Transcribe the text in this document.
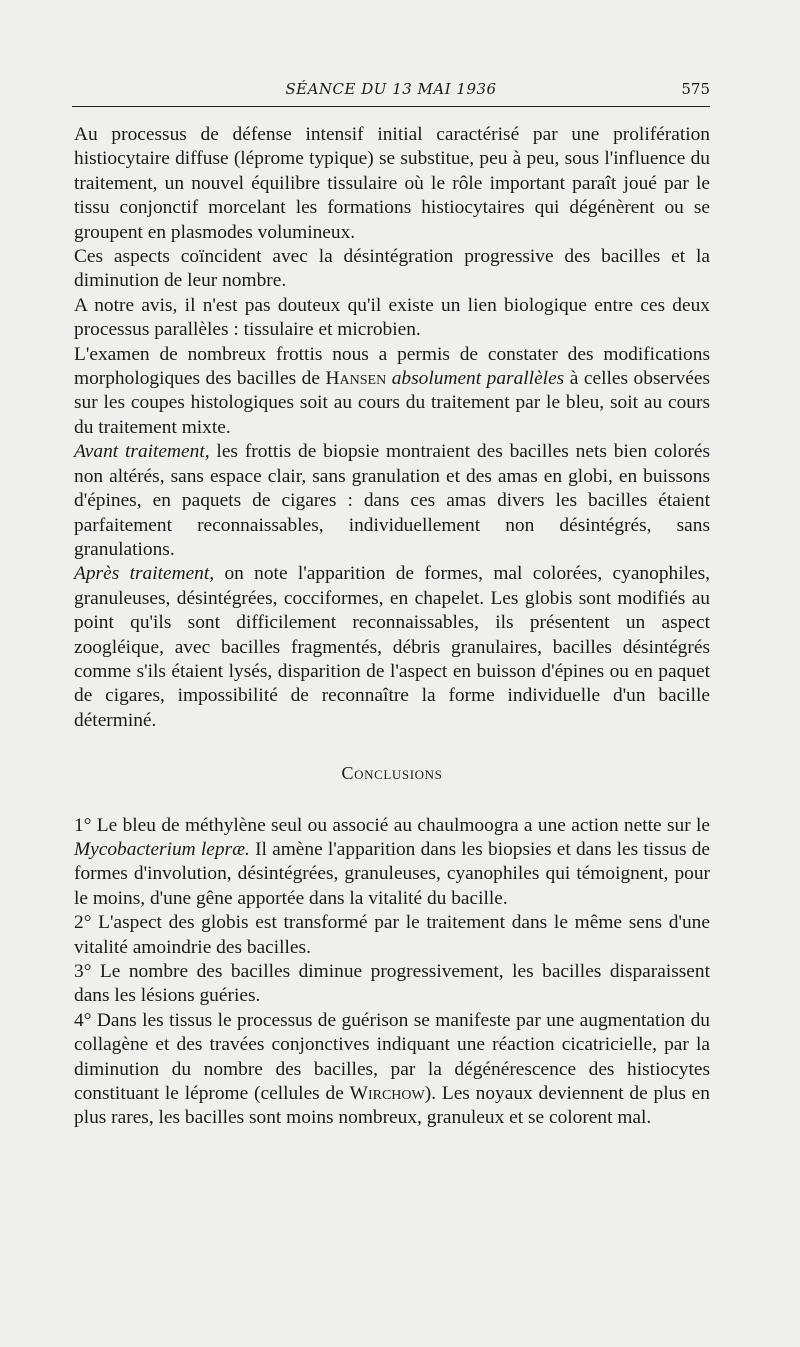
SÉANCE DU 13 MAI 1936	575

Au processus de défense intensif initial caractérisé par une prolifération histiocytaire diffuse (léprome typique) se substitue, peu à peu, sous l'influence du traitement, un nouvel équilibre tissulaire où le rôle important paraît joué par le tissu conjonctif morcelant les formations histiocytaires qui dégénèrent ou se groupent en plasmodes volumineux.

Ces aspects coïncident avec la désintégration progressive des bacilles et la diminution de leur nombre.

A notre avis, il n'est pas douteux qu'il existe un lien biologique entre ces deux processus parallèles : tissulaire et microbien.

L'examen de nombreux frottis nous a permis de constater des modifications morphologiques des bacilles de Hansen absolument parallèles à celles observées sur les coupes histologiques soit au cours du traitement par le bleu, soit au cours du traitement mixte.

Avant traitement, les frottis de biopsie montraient des bacilles nets bien colorés non altérés, sans espace clair, sans granulation et des amas en globi, en buissons d'épines, en paquets de cigares : dans ces amas divers les bacilles étaient parfaitement reconnaissables, individuellement non désintégrés, sans granulations.

Après traitement, on note l'apparition de formes, mal colorées, cyanophiles, granuleuses, désintégrées, cocciformes, en chapelet. Les globis sont modifiés au point qu'ils sont difficilement reconnaissables, ils présentent un aspect zoogléique, avec bacilles fragmentés, débris granulaires, bacilles désintégrés comme s'ils étaient lysés, disparition de l'aspect en buisson d'épines ou en paquet de cigares, impossibilité de reconnaître la forme individuelle d'un bacille déterminé.

Conclusions

1° Le bleu de méthylène seul ou associé au chaulmoogra a une action nette sur le Mycobacterium lepræ. Il amène l'apparition dans les biopsies et dans les tissus de formes d'involution, désintégrées, granuleuses, cyanophiles qui témoignent, pour le moins, d'une gêne apportée dans la vitalité du bacille.

2° L'aspect des globis est transformé par le traitement dans le même sens d'une vitalité amoindrie des bacilles.

3° Le nombre des bacilles diminue progressivement, les bacilles disparaissent dans les lésions guéries.

4° Dans les tissus le processus de guérison se manifeste par une augmentation du collagène et des travées conjonctives indiquant une réaction cicatricielle, par la diminution du nombre des bacilles, par la dégénérescence des histiocytes constituant le léprome (cellules de Wirchow). Les noyaux deviennent de plus en plus rares, les bacilles sont moins nombreux, granuleux et se colorent mal.
